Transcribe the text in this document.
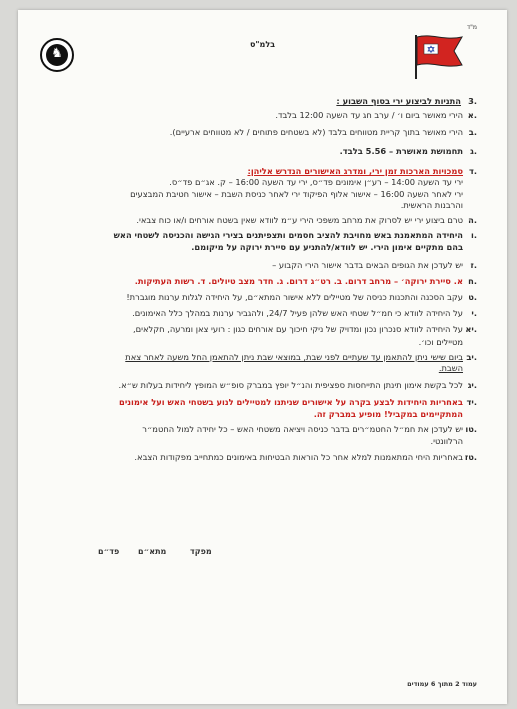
♞
מ"ד
בלמ"ס
3.
התניות לביצוע ירי בסוף השבוע :
א.
הירי מאושר ביום ו׳ / ערב חג עד השעה 12:00 בלבד.
ב.
הירי מאושר בתוך קריית מטווחים בלבד (לא בשטחים פתוחים / לא מטווחים ארעיים).
ג.
תחמושת מאושרת – 5.56 בלבד.
ד.
סמכויות הארכות זמן ירי, ומדרג האישורים הנדרש אליהן:
ירי עד השעה 14:00 – רע״ן אימונים פד״ס, ירי עד השעה 16:00 – ק. אג״ם פד״ס.
ירי לאחר השעה 16:00 – אישור אלוף הפיקוד ירי לאחר כניסת השבת – אישור חטיבת המבצעים
והרבנות הראשית.
ה.
טרם ביצוע ירי יש לסרוק את מרחב משפכי הירי ע״מ לוודא שאין בשטח אורחים ו/או כוח צבאי.
ו.
היחידה המתאמנת באש מחויבת להציב חסמים ותצפיתנים בצירי הגישה והכניסה לשטחי האש
בהם מתקיים אימון הירי. יש לוודא/להתניע עם סיירת ירוקה על מיקומם.
ז.
יש לעדכן את הגופים הבאים בדבר אישור הירי הקבוע –
ח.
א. סיירת ירוקה׳ – מרחב דרום. ב. רט״ג דרום. ג. חדר מצב טיולים. ד. רשות העתיקות.
ט.
עקב הסכנה והתכנות כניסה של מטיילים ללא אישור המתא״ם, על היחידה לגלות ערנות מוגברת!
י.
על היחידה לוודא כי חמ״ל שטחי האש שלהן פעיל 24/7, ולהגביר ערנות במהלך כלל האימונים.
יא.
על היחידה לוודא סנכרון נכון ומדויק של ניקי חיכוך עם אורחים כגון : רועי צאן ומרעה, חקלאים,
מטיילים וכו׳.
יב.
ביום שישי ניתן להתאמן עד שעתיים לפני שבת, במוצאי שבת ניתן להתאמן החל משעה לאחר צאת
השבת.
יג.
לכל בקשת אימון תינתן התייחסות ספציפית והנ״ל יופץ במברק סופ״ש המופץ ליחידות בעלות ש״א.
יד.
באחריות היחידות לבצע בקרה על אישורים שניתנו למטיילים לנוע בשטחי האש ועל אימונים
המתקיימים במקביל! מופיע במברק זה.
טו.
יש לעדכן את חמ״ל החטמ״רים בדבר כניסה ויציאה משטחי האש – כל יחידה למול החטמ״ר
הרלוונטי.
טז.
באחריות היחי המתאמנות למלא אחר כל הוראות הבטיחות באימונים כמתחייב מפקודות הצבא.
מפקד
מתא״ם
פד״ם
עמוד 2 מתוך 6 עמודים
